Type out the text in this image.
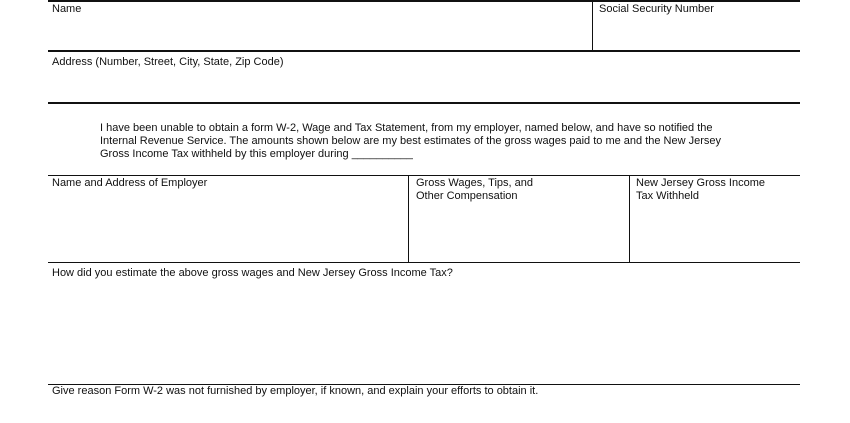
Name	Social Security Number
Address (Number, Street, City, State, Zip Code)
I have been unable to obtain a form W-2, Wage and Tax Statement, from my employer, named below, and have so notified the
Internal Revenue Service. The amounts shown below are my best estimates of the gross wages paid to me and the New Jersey
Gross Income Tax withheld by this employer during __________
Name and Address of Employer	Gross Wages, Tips, and
Other Compensation
New Jersey Gross Income
Tax Withheld
How did you estimate the above gross wages and New Jersey Gross Income Tax?
Give reason Form W-2 was not furnished by employer, if known, and explain your efforts to obtain it.
